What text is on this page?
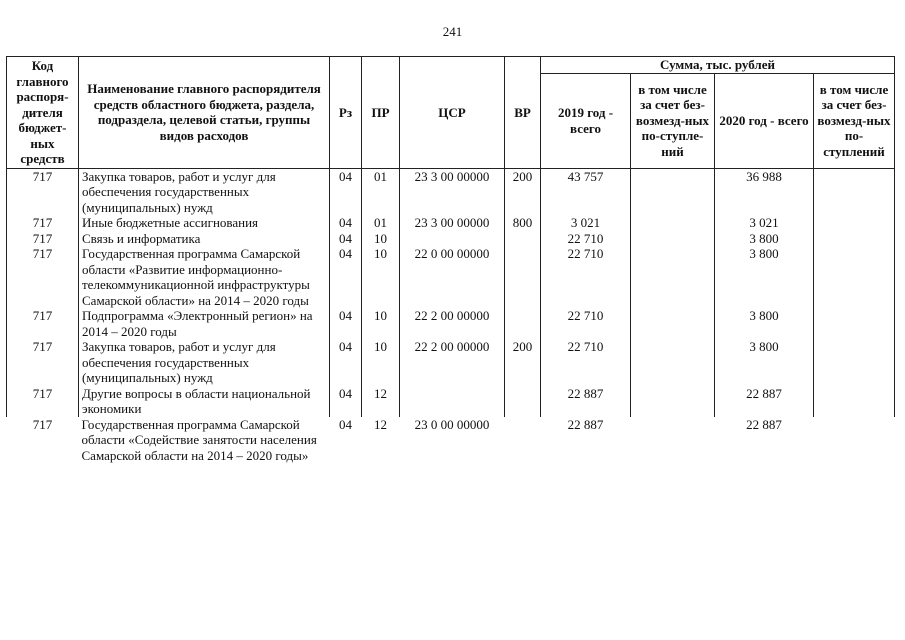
241
Код главного распоря-дителя бюджет-ных средств	Наименование главного распорядителя средств областного бюджета, раздела, подраздела, целевой статьи, группы видов расходов	Рз	ПР	ЦСР	ВР	Сумма, тыс. рублей			
						2019 год - всего	в том числе за счет без-возмезд-ных по-ступле-ний	2020 год - всего	в том числе за счет без-возмезд-ных по-ступлений
717	Закупка товаров, работ и услуг для обеспечения государственных (муниципальных) нужд	04	01	23 3 00 00000	200	43 757		36 988	
717	Иные бюджетные ассигнования	04	01	23 3 00 00000	800	3 021		3 021	
717	Связь и информатика	04	10			22 710		3 800	
717	Государственная программа Самарской области «Развитие информационно-телекоммуникационной инфраструктуры Самарской области» на 2014 – 2020 годы	04	10	22 0 00 00000		22 710		3 800	
717	Подпрограмма «Электронный регион» на 2014 – 2020 годы	04	10	22 2 00 00000		22 710		3 800	
717	Закупка товаров, работ и услуг для обеспечения государственных (муниципальных) нужд	04	10	22 2 00 00000	200	22 710		3 800	
717	Другие вопросы в области национальной экономики	04	12			22 887		22 887	
717	Государственная программа Самарской области «Содействие занятости населения Самарской области на 2014 – 2020 годы»	04	12	23 0 00 00000		22 887		22 887	
